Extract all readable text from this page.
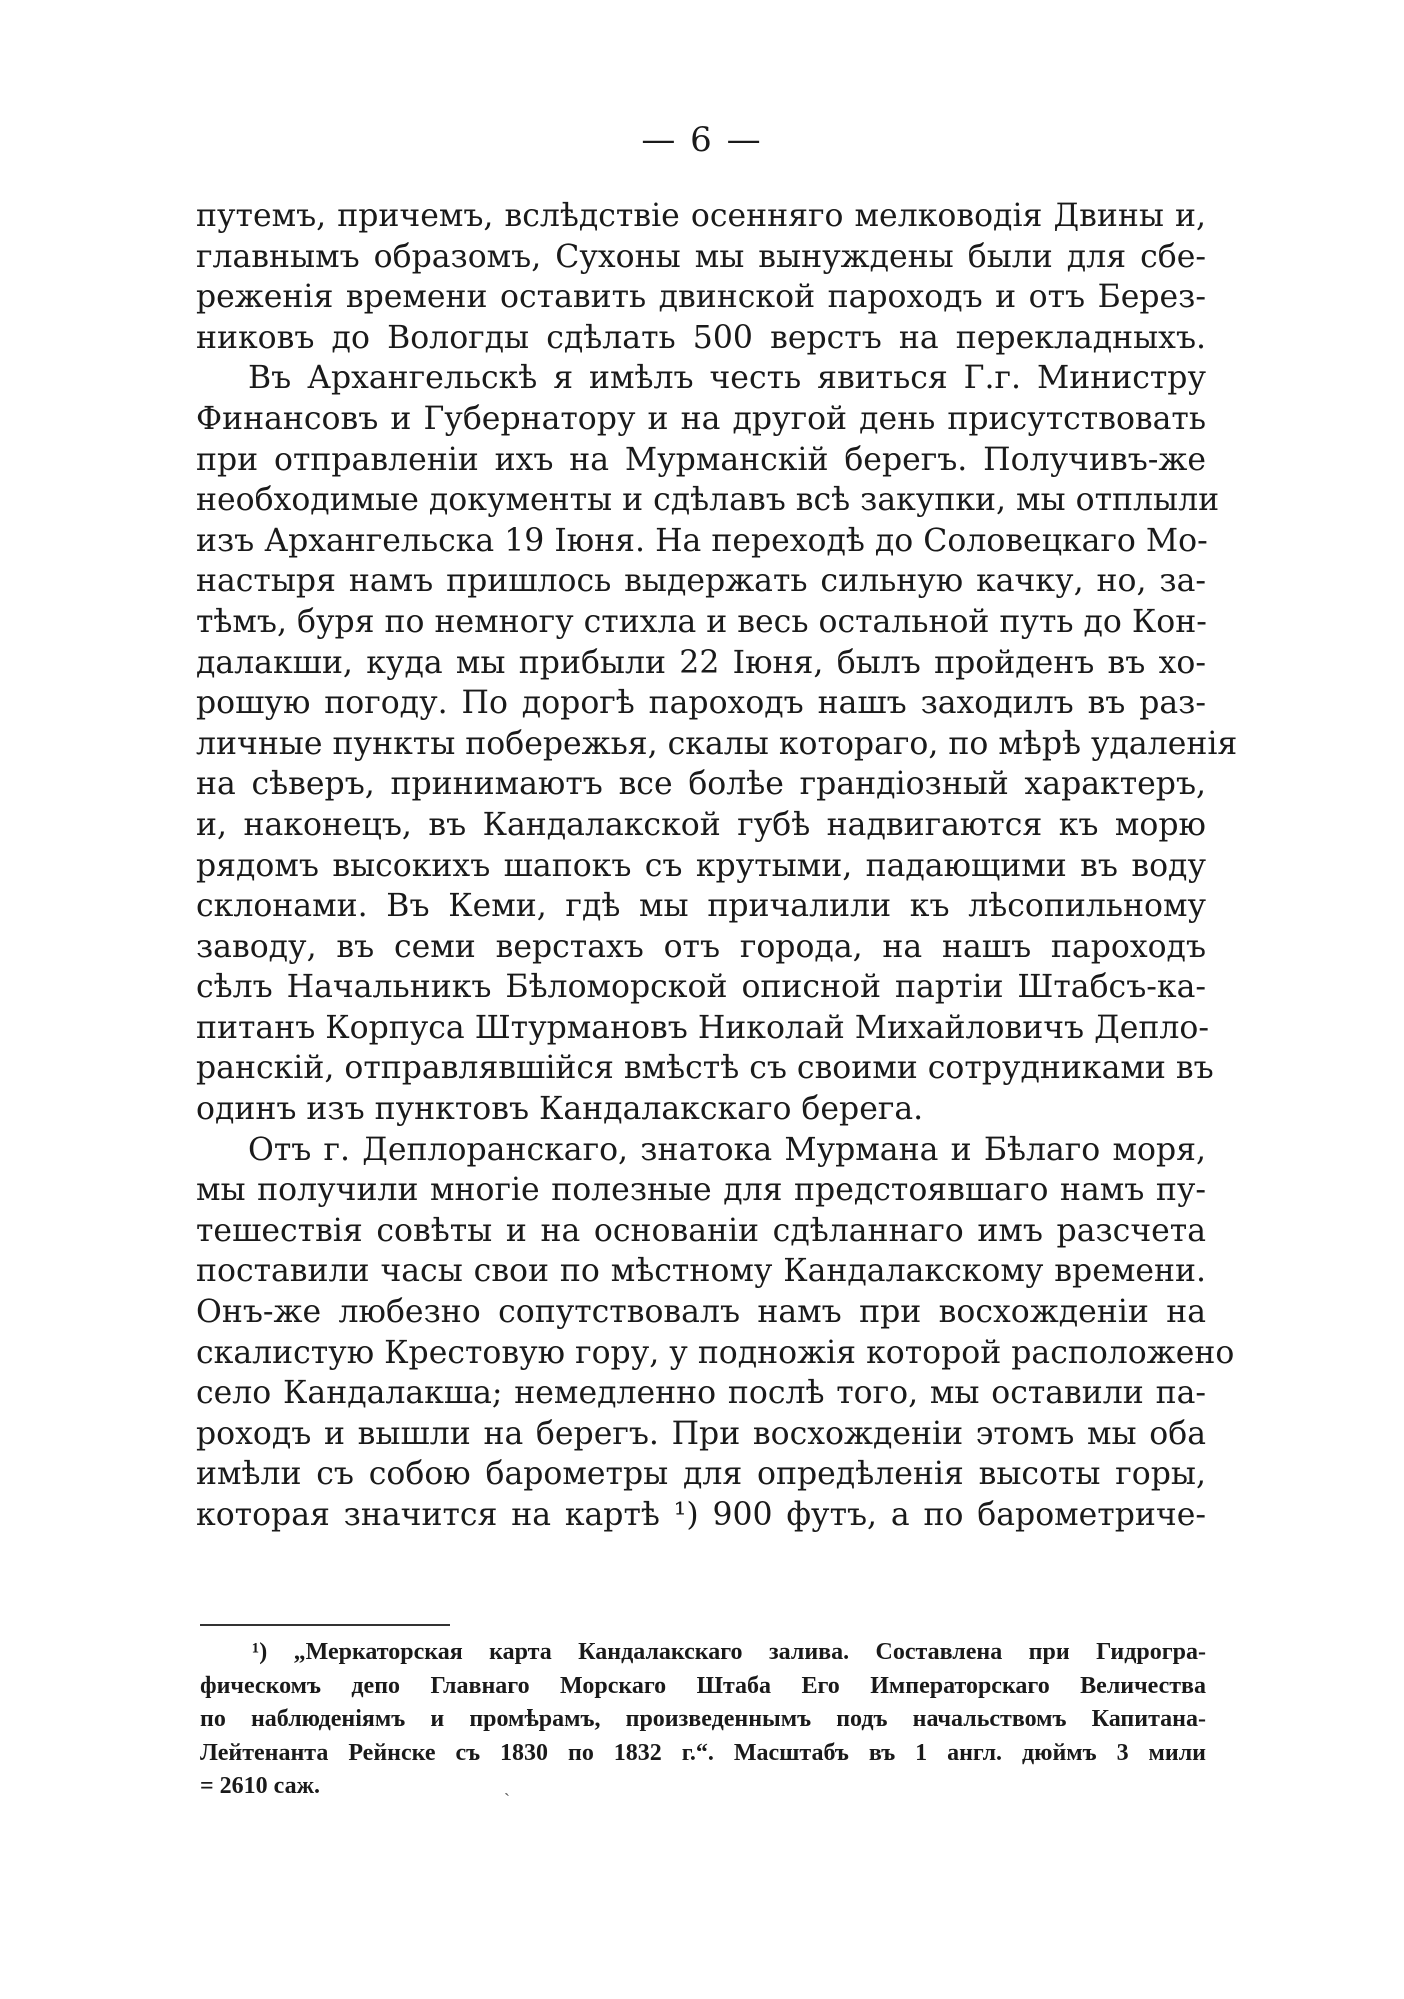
— 6 —
путемъ, причемъ, вслѣдствіе осенняго мелководія Двины и,
главнымъ образомъ, Сухоны мы вынуждены были для сбе-
реженія времени оставить двинской пароходъ и отъ Берез-
никовъ до Вологды сдѣлать 500 верстъ на перекладныхъ.
Въ Архангельскѣ я имѣлъ честь явиться Г.г. Министру
Финансовъ и Губернатору и на другой день присутствовать
при отправленіи ихъ на Мурманскій берегъ. Получивъ-же
необходимые документы и сдѣлавъ всѣ закупки, мы отплыли
изъ Архангельска 19 Іюня. На переходѣ до Соловецкаго Мо-
настыря намъ пришлось выдержать сильную качку, но, за-
тѣмъ, буря по немногу стихла и весь остальной путь до Кон-
далакши, куда мы прибыли 22 Іюня, былъ пройденъ въ хо-
рошую погоду. По дорогѣ пароходъ нашъ заходилъ въ раз-
личные пункты побережья, скалы котораго, по мѣрѣ удаленія
на сѣверъ, принимаютъ все болѣе грандіозный характеръ,
и, наконецъ, въ Кандалакской губѣ надвигаются къ морю
рядомъ высокихъ шапокъ съ крутыми, падающими въ воду
склонами. Въ Кеми, гдѣ мы причалили къ лѣсопильному
заводу, въ семи верстахъ отъ города, на нашъ пароходъ
сѣлъ Начальникъ Бѣломорской описной партіи Штабсъ-ка-
питанъ Корпуса Штурмановъ Николай Михайловичъ Депло-
ранскій, отправлявшійся вмѣстѣ съ своими сотрудниками въ
одинъ изъ пунктовъ Кандалакскаго берега.
Отъ г. Деплоранскаго, знатока Мурмана и Бѣлаго моря,
мы получили многіе полезные для предстоявшаго намъ пу-
тешествія совѣты и на основаніи сдѣланнаго имъ разсчета
поставили часы свои по мѣстному Кандалакскому времени.
Онъ-же любезно сопутствовалъ намъ при восхожденіи на
скалистую Крестовую гору, у подножія которой расположено
село Кандалакша; немедленно послѣ того, мы оставили па-
роходъ и вышли на берегъ. При восхожденіи этомъ мы оба
имѣли съ собою барометры для опредѣленія высоты горы,
которая значится на картѣ ¹) 900 футъ, а по барометриче-
¹) „Меркаторская карта Кандалакскаго залива. Составлена при Гидрогра-
фическомъ депо Главнаго Морскаго Штаба Его Императорскаго Величества
по наблюденіямъ и промѣрамъ, произведеннымъ подъ начальствомъ Капитана-
Лейтенанта Рейнске съ 1830 по 1832 г.“. Масштабъ въ 1 англ. дюймъ 3 мили
= 2610 саж.	ˏ
